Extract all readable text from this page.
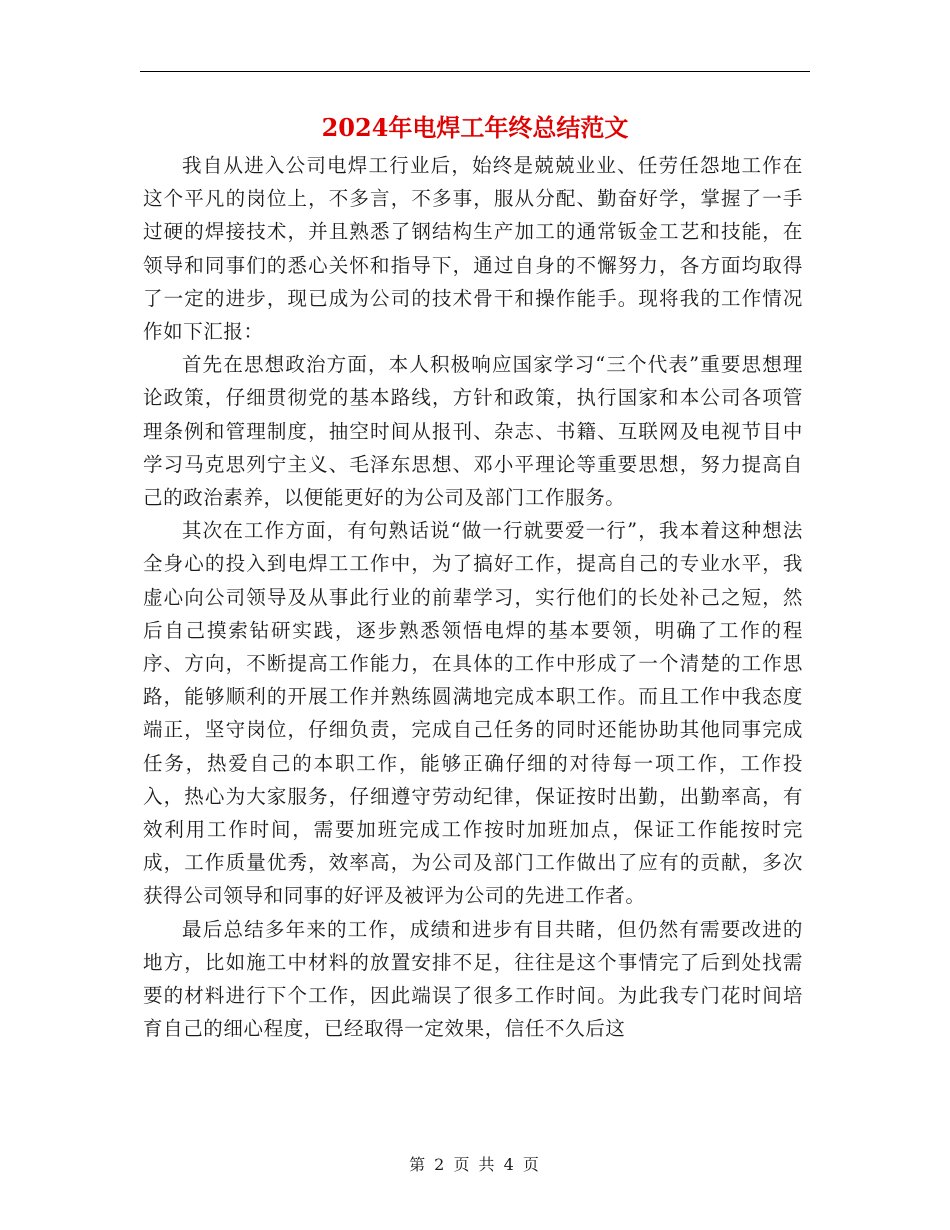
2024年电焊工年终总结范文

我自从进入公司电焊工行业后，始终是兢兢业业、任劳任怨地工作在这个平凡的岗位上，不多言，不多事，服从分配、勤奋好学，掌握了一手过硬的焊接技术，并且熟悉了钢结构生产加工的通常钣金工艺和技能，在领导和同事们的悉心关怀和指导下，通过自身的不懈努力，各方面均取得了一定的进步，现已成为公司的技术骨干和操作能手。现将我的工作情况作如下汇报：

首先在思想政治方面，本人积极响应国家学习“三个代表”重要思想理论政策，仔细贯彻党的基本路线，方针和政策，执行国家和本公司各项管理条例和管理制度，抽空时间从报刊、杂志、书籍、互联网及电视节目中学习马克思列宁主义、毛泽东思想、邓小平理论等重要思想，努力提高自己的政治素养，以便能更好的为公司及部门工作服务。

其次在工作方面，有句熟话说“做一行就要爱一行”，我本着这种想法全身心的投入到电焊工工作中，为了搞好工作，提高自己的专业水平，我虚心向公司领导及从事此行业的前辈学习，实行他们的长处补己之短，然后自己摸索钻研实践，逐步熟悉领悟电焊的基本要领，明确了工作的程序、方向，不断提高工作能力，在具体的工作中形成了一个清楚的工作思路，能够顺利的开展工作并熟练圆满地完成本职工作。而且工作中我态度端正，坚守岗位，仔细负责，完成自己任务的同时还能协助其他同事完成任务，热爱自己的本职工作，能够正确仔细的对待每一项工作，工作投入，热心为大家服务，仔细遵守劳动纪律，保证按时出勤，出勤率高，有效利用工作时间，需要加班完成工作按时加班加点，保证工作能按时完成，工作质量优秀，效率高，为公司及部门工作做出了应有的贡献，多次获得公司领导和同事的好评及被评为公司的先进工作者。

最后总结多年来的工作，成绩和进步有目共睹，但仍然有需要改进的地方，比如施工中材料的放置安排不足，往往是这个事情完了后到处找需要的材料进行下个工作，因此端误了很多工作时间。为此我专门花时间培育自己的细心程度，已经取得一定效果，信任不久后这

第 2 页 共 4 页
